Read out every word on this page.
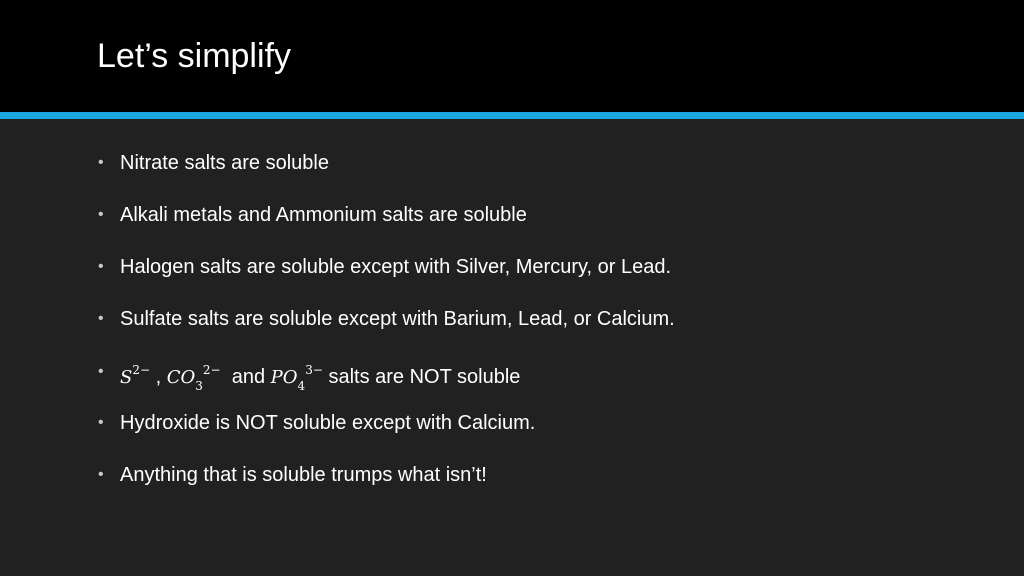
Let’s simplify
• Nitrate salts are soluble
• Alkali metals and Ammonium salts are soluble
• Halogen salts are soluble except with Silver, Mercury, or Lead.
• Sulfate salts are soluble except with Barium, Lead, or Calcium.
• $S^{2-}$ , $CO_3^{2-}$ and $PO_4^{3-}$ salts are NOT soluble
• Hydroxide is NOT soluble except with Calcium.
• Anything that is soluble trumps what isn’t!
